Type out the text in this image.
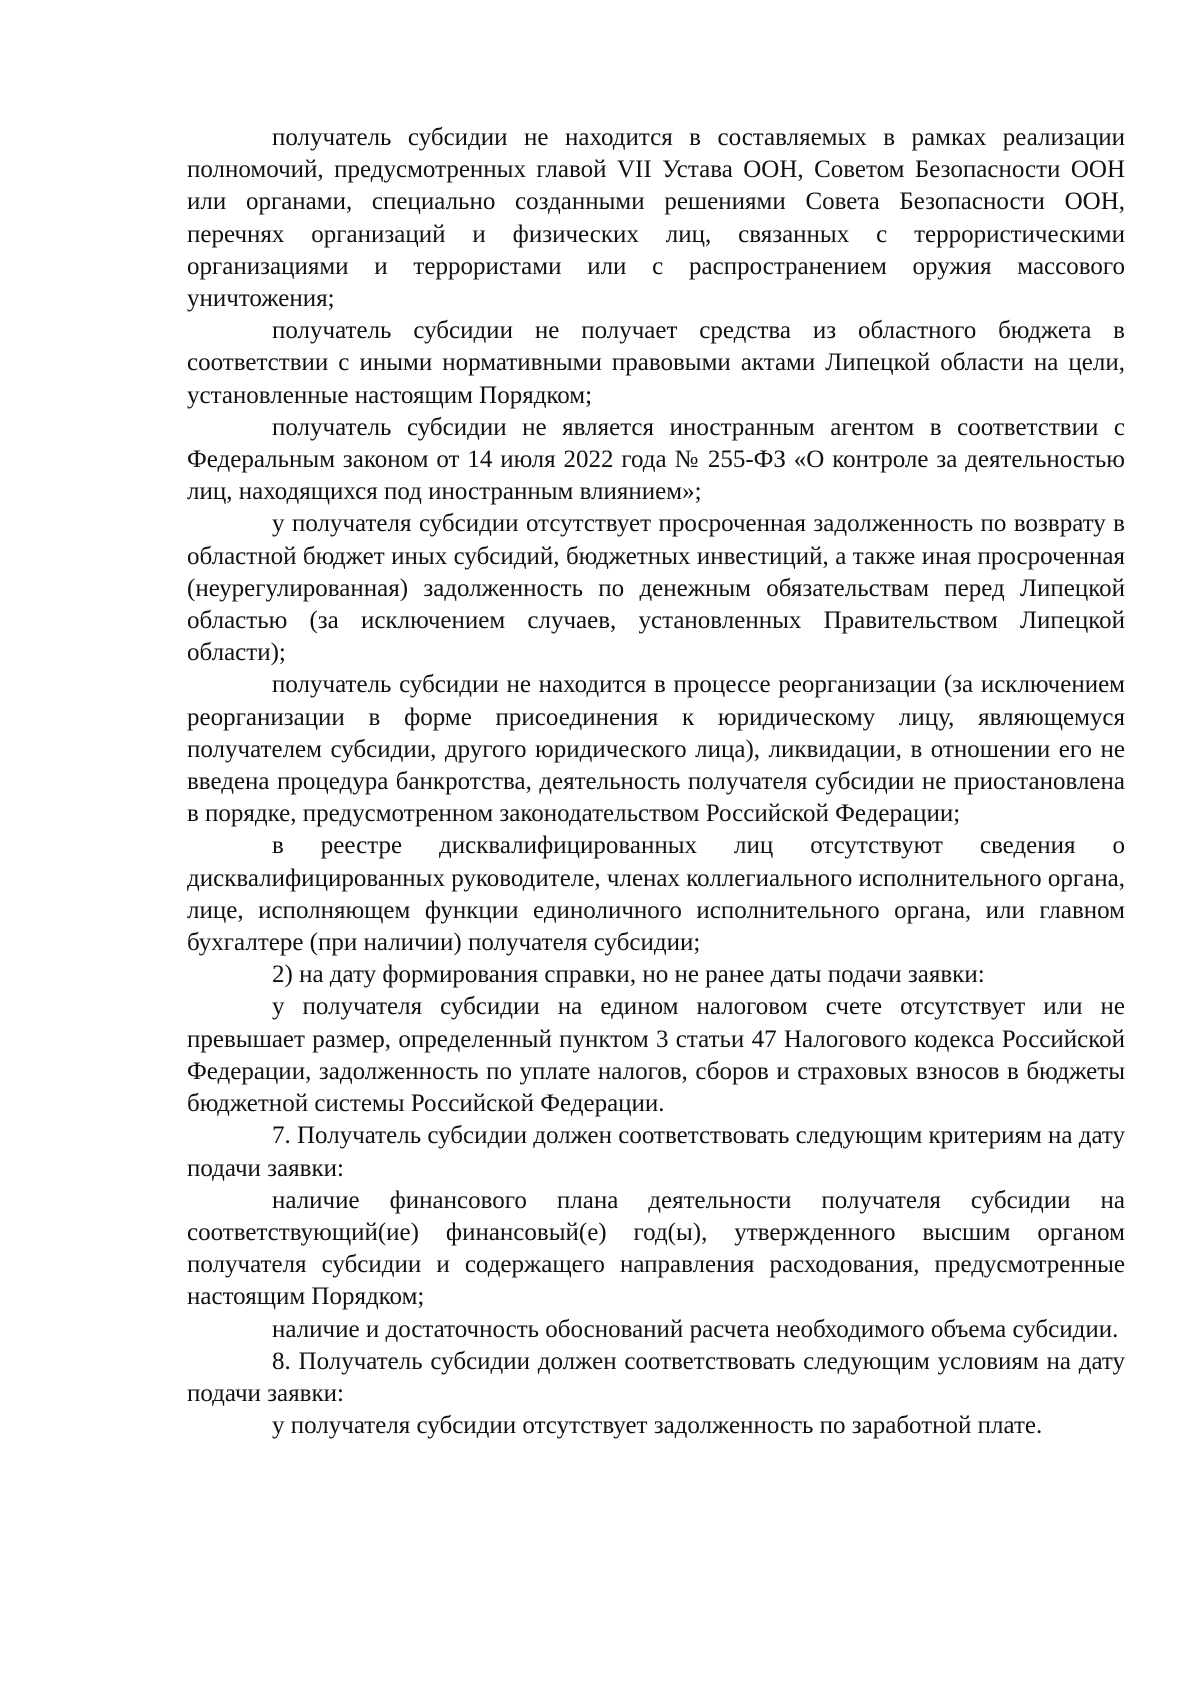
получатель субсидии не находится в составляемых в рамках реализации полномочий, предусмотренных главой VII Устава ООН, Советом Безопасности ООН или органами, специально созданными решениями Совета Безопасности ООН, перечнях организаций и физических лиц, связанных с террористическими организациями и террористами или с распространением оружия массового уничтожения;

получатель субсидии не получает средства из областного бюджета в соответствии с иными нормативными правовыми актами Липецкой области на цели, установленные настоящим Порядком;

получатель субсидии не является иностранным агентом в соответствии с Федеральным законом от 14 июля 2022 года № 255-ФЗ «О контроле за деятельностью лиц, находящихся под иностранным влиянием»;

у получателя субсидии отсутствует просроченная задолженность по возврату в областной бюджет иных субсидий, бюджетных инвестиций, а также иная просроченная (неурегулированная) задолженность по денежным обязательствам перед Липецкой областью (за исключением случаев, установленных Правительством Липецкой области);

получатель субсидии не находится в процессе реорганизации (за исключением реорганизации в форме присоединения к юридическому лицу, являющемуся получателем субсидии, другого юридического лица), ликвидации, в отношении его не введена процедура банкротства, деятельность получателя субсидии не приостановлена в порядке, предусмотренном законодательством Российской Федерации;

в реестре дисквалифицированных лиц отсутствуют сведения о дисквалифицированных руководителе, членах коллегиального исполнительного органа, лице, исполняющем функции единоличного исполнительного органа, или главном бухгалтере (при наличии) получателя субсидии;

2) на дату формирования справки, но не ранее даты подачи заявки:

у получателя субсидии на едином налоговом счете отсутствует или не превышает размер, определенный пунктом 3 статьи 47 Налогового кодекса Российской Федерации, задолженность по уплате налогов, сборов и страховых взносов в бюджеты бюджетной системы Российской Федерации.

7. Получатель субсидии должен соответствовать следующим критериям на дату подачи заявки:

наличие финансового плана деятельности получателя субсидии на соответствующий(ие) финансовый(е) год(ы), утвержденного высшим органом получателя субсидии и содержащего направления расходования, предусмотренные настоящим Порядком;

наличие и достаточность обоснований расчета необходимого объема субсидии.

8. Получатель субсидии должен соответствовать следующим условиям на дату подачи заявки:

у получателя субсидии отсутствует задолженность по заработной плате.
